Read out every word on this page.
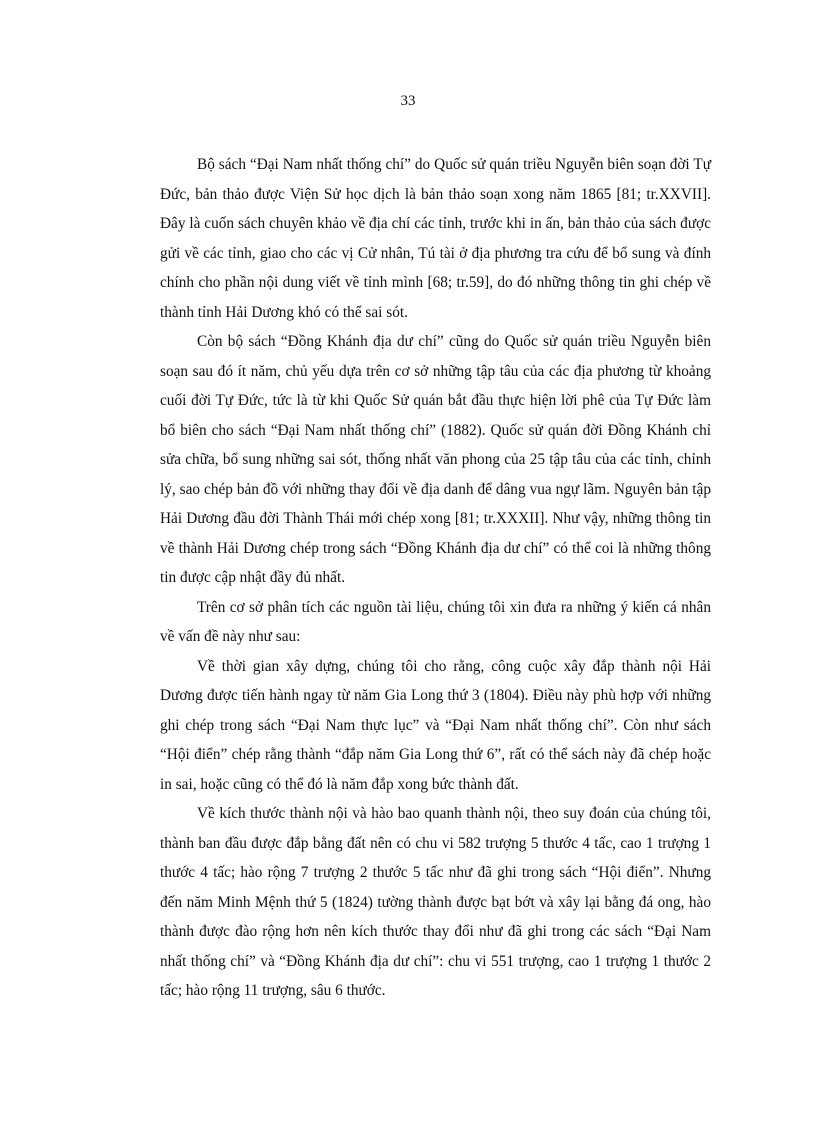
33

Bộ sách “Đại Nam nhất thống chí” do Quốc sử quán triều Nguyễn biên soạn đời Tự Đức, bản thảo được Viện Sử học dịch là bản thảo soạn xong năm 1865 [81; tr.XXVII]. Đây là cuốn sách chuyên khảo về địa chí các tỉnh, trước khi in ấn, bản thảo của sách được gửi về các tỉnh, giao cho các vị Cử nhân, Tú tài ở địa phương tra cứu để bổ sung và đính chính cho phần nội dung viết về tỉnh mình [68; tr.59], do đó những thông tin ghi chép về thành tỉnh Hải Dương khó có thể sai sót.

Còn bộ sách “Đồng Khánh địa dư chí” cũng do Quốc sử quán triều Nguyễn biên soạn sau đó ít năm, chủ yếu dựa trên cơ sở những tập tâu của các địa phương từ khoảng cuối đời Tự Đức, tức là từ khi Quốc Sử quán bắt đầu thực hiện lời phê của Tự Đức làm bổ biên cho sách “Đại Nam nhất thống chí” (1882). Quốc sử quán đời Đồng Khánh chỉ sửa chữa, bổ sung những sai sót, thống nhất văn phong của 25 tập tâu của các tỉnh, chỉnh lý, sao chép bản đồ với những thay đổi về địa danh để dâng vua ngự lãm. Nguyên bản tập Hải Dương đầu đời Thành Thái mới chép xong [81; tr.XXXII]. Như vậy, những thông tin về thành Hải Dương chép trong sách “Đồng Khánh địa dư chí” có thể coi là những thông tin được cập nhật đầy đủ nhất.

Trên cơ sở phân tích các nguồn tài liệu, chúng tôi xin đưa ra những ý kiến cá nhân về vấn đề này như sau:

Về thời gian xây dựng, chúng tôi cho rằng, công cuộc xây đắp thành nội Hải Dương được tiến hành ngay từ năm Gia Long thứ 3 (1804). Điều này phù hợp với những ghi chép trong sách “Đại Nam thực lục” và “Đại Nam nhất thống chí”. Còn như sách “Hội điển” chép rằng thành “đắp năm Gia Long thứ 6”, rất có thể sách này đã chép hoặc in sai, hoặc cũng có thể đó là năm đắp xong bức thành đất.

Về kích thước thành nội và hào bao quanh thành nội, theo suy đoán của chúng tôi, thành ban đầu được đắp bằng đất nên có chu vi 582 trượng 5 thước 4 tấc, cao 1 trượng 1 thước 4 tấc; hào rộng 7 trượng 2 thước 5 tấc như đã ghi trong sách “Hội điển”. Nhưng đến năm Minh Mệnh thứ 5 (1824) tường thành được bạt bớt và xây lại bằng đá ong, hào thành được đào rộng hơn nên kích thước thay đổi như đã ghi trong các sách “Đại Nam nhất thống chí” và “Đồng Khánh địa dư chí”: chu vi 551 trượng, cao 1 trượng 1 thước 2 tấc; hào rộng 11 trượng, sâu 6 thước.
